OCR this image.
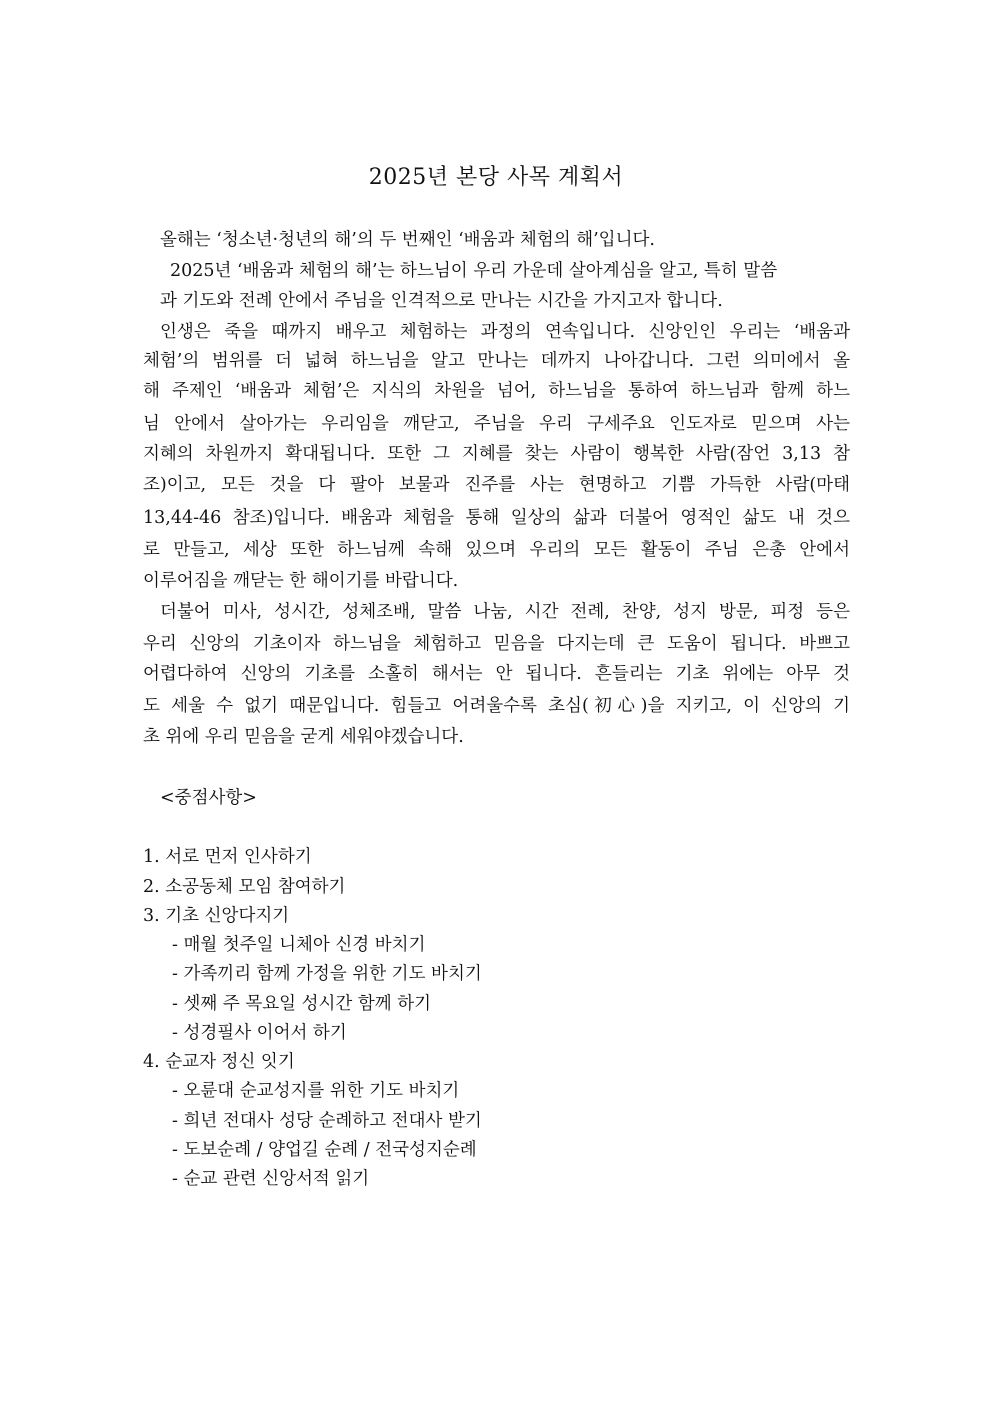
2025년 본당 사목 계획서
올해는 ‘청소년·청년의 해’의 두 번째인 ‘배움과 체험의 해’입니다.
2025년 ‘배움과 체험의 해’는 하느님이 우리 가운데 살아계심을 알고, 특히 말씀
과 기도와 전례 안에서 주님을 인격적으로 만나는 시간을 가지고자 합니다.
인생은 죽을 때까지 배우고 체험하는 과정의 연속입니다. 신앙인인 우리는 ‘배움과
체험’의 범위를 더 넓혀 하느님을 알고 만나는 데까지 나아갑니다. 그런 의미에서 올
해 주제인 ‘배움과 체험’은 지식의 차원을 넘어, 하느님을 통하여 하느님과 함께 하느
님 안에서 살아가는 우리임을 깨닫고, 주님을 우리 구세주요 인도자로 믿으며 사는
지혜의 차원까지 확대됩니다. 또한 그 지혜를 찾는 사람이 행복한 사람(잠언 3,13 참
조)이고, 모든 것을 다 팔아 보물과 진주를 사는 현명하고 기쁨 가득한 사람(마태
13,44-46 참조)입니다. 배움과 체험을 통해 일상의 삶과 더불어 영적인 삶도 내 것으
로 만들고, 세상 또한 하느님께 속해 있으며 우리의 모든 활동이 주님 은총 안에서
이루어짐을 깨닫는 한 해이기를 바랍니다.
더불어 미사, 성시간, 성체조배, 말씀 나눔, 시간 전례, 찬양, 성지 방문, 피정 등은
우리 신앙의 기초이자 하느님을 체험하고 믿음을 다지는데 큰 도움이 됩니다. 바쁘고
어렵다하여 신앙의 기초를 소홀히 해서는 안 됩니다. 흔들리는 기초 위에는 아무 것
도 세울 수 없기 때문입니다. 힘들고 어려울수록 초심(初心)을 지키고, 이 신앙의 기
초 위에 우리 믿음을 굳게 세워야겠습니다.
<중점사항>
1. 서로 먼저 인사하기
2. 소공동체 모임 참여하기
3. 기초 신앙다지기
- 매월 첫주일 니체아 신경 바치기
- 가족끼리 함께 가정을 위한 기도 바치기
- 셋째 주 목요일 성시간 함께 하기
- 성경필사 이어서 하기
4. 순교자 정신 잇기
- 오륜대 순교성지를 위한 기도 바치기
- 희년 전대사 성당 순례하고 전대사 받기
- 도보순례 / 양업길 순례 / 전국성지순례
- 순교 관련 신앙서적 읽기
